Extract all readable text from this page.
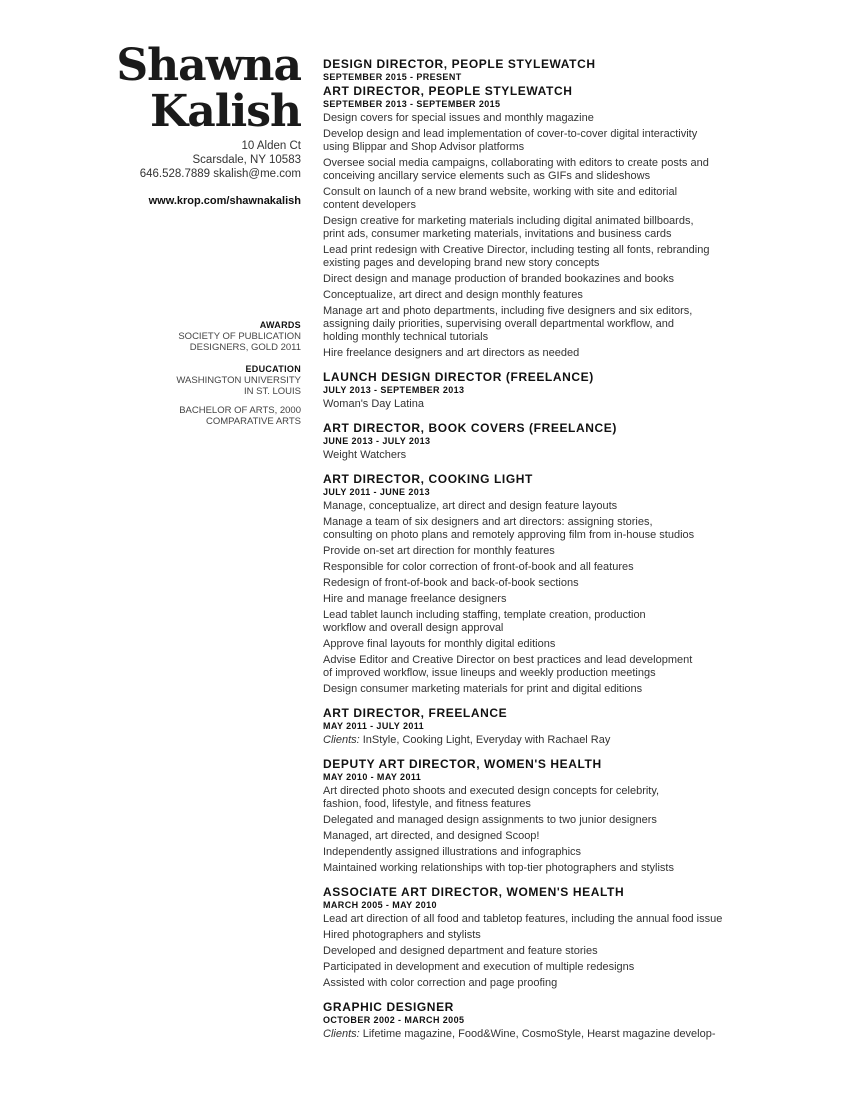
Shawna
Kalish
10 Alden Ct
Scarsdale, NY 10583
646.528.7889 skalish@me.com
www.krop.com/shawnakalish
AWARDS
SOCIETY OF PUBLICATION
DESIGNERS, GOLD 2011
EDUCATION
WASHINGTON UNIVERSITY
IN ST. LOUIS
BACHELOR OF ARTS, 2000
COMPARATIVE ARTS
DESIGN DIRECTOR, PEOPLE STYLEWATCH
SEPTEMBER 2015 - PRESENT
ART DIRECTOR, PEOPLE STYLEWATCH
SEPTEMBER 2013 - SEPTEMBER 2015
Design covers for special issues and monthly magazine
Develop design and lead implementation of cover-to-cover digital interactivity
using Blippar and Shop Advisor platforms
Oversee social media campaigns, collaborating with editors to create posts and
conceiving ancillary service elements such as GIFs and slideshows
Consult on launch of a new brand website, working with site and editorial
content developers
Design creative for marketing materials including digital animated billboards,
print ads, consumer marketing materials, invitations and business cards
Lead print redesign with Creative Director, including testing all fonts, rebranding
existing pages and developing brand new story concepts
Direct design and manage production of branded bookazines and books
Conceptualize, art direct and design monthly features
Manage art and photo departments, including five designers and six editors,
assigning daily priorities, supervising overall departmental workflow, and
holding monthly technical tutorials
Hire freelance designers and art directors as needed
LAUNCH DESIGN DIRECTOR (FREELANCE)
JULY 2013 - SEPTEMBER 2013
Woman's Day Latina
ART DIRECTOR, BOOK COVERS (FREELANCE)
JUNE 2013 - JULY 2013
Weight Watchers
ART DIRECTOR, COOKING LIGHT
JULY 2011 - JUNE 2013
Manage, conceptualize, art direct and design feature layouts
Manage a team of six designers and art directors: assigning stories,
consulting on photo plans and remotely approving film from in-house studios
Provide on-set art direction for monthly features
Responsible for color correction of front-of-book and all features
Redesign of front-of-book and back-of-book sections
Hire and manage freelance designers
Lead tablet launch including staffing, template creation, production
workflow and overall design approval
Approve final layouts for monthly digital editions
Advise Editor and Creative Director on best practices and lead development
of improved workflow, issue lineups and weekly production meetings
Design consumer marketing materials for print and digital editions
ART DIRECTOR, FREELANCE
MAY 2011 - JULY 2011
Clients: InStyle, Cooking Light, Everyday with Rachael Ray
DEPUTY ART DIRECTOR, WOMEN'S HEALTH
MAY 2010 - MAY 2011
Art directed photo shoots and executed design concepts for celebrity,
fashion, food, lifestyle, and fitness features
Delegated and managed design assignments to two junior designers
Managed, art directed, and designed Scoop!
Independently assigned illustrations and infographics
Maintained working relationships with top-tier photographers and stylists
ASSOCIATE ART DIRECTOR, WOMEN'S HEALTH
MARCH 2005 - MAY 2010
Lead art direction of all food and tabletop features, including the annual food issue
Hired photographers and stylists
Developed and designed department and feature stories
Participated in development and execution of multiple redesigns
Assisted with color correction and page proofing
GRAPHIC DESIGNER
OCTOBER 2002 - MARCH 2005
Clients: Lifetime magazine, Food&Wine, CosmoStyle, Hearst magazine develop-
